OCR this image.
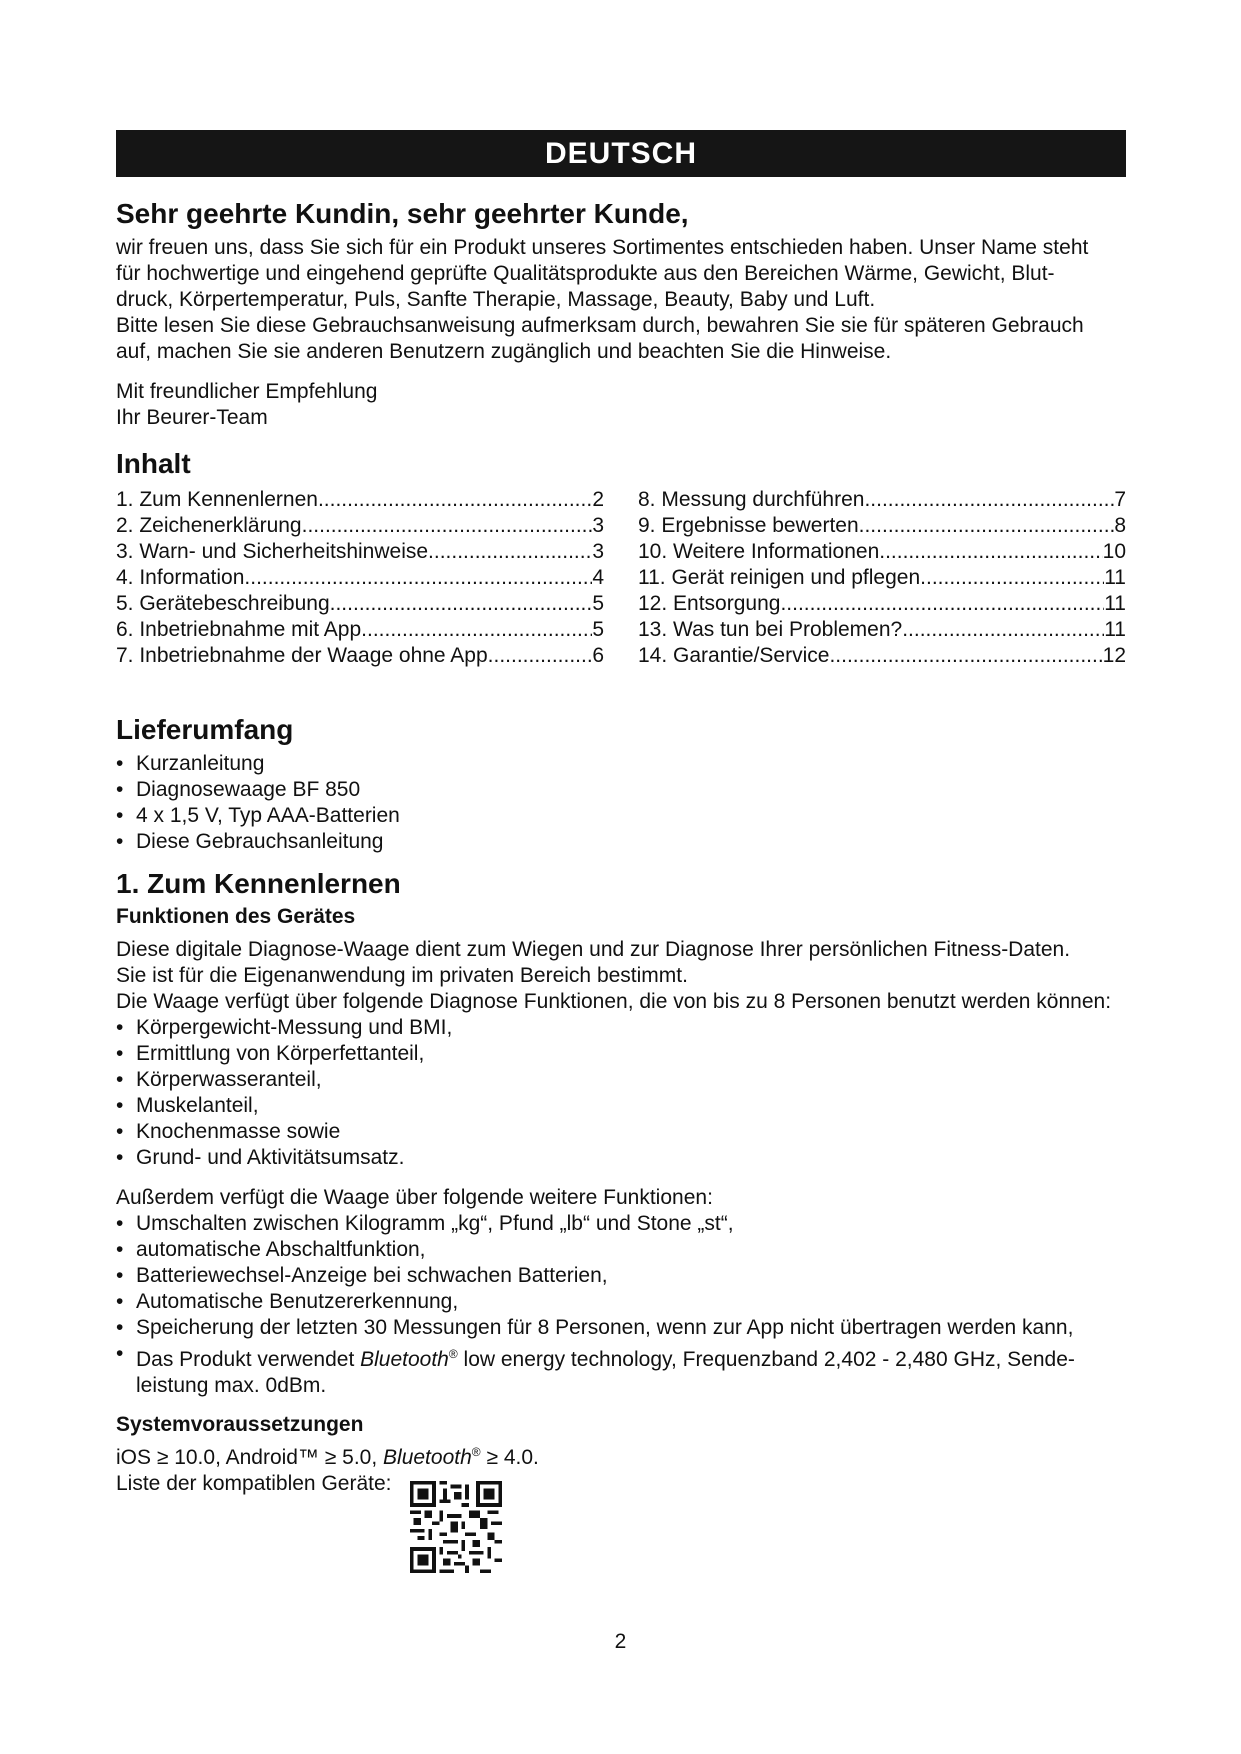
DEUTSCH
Sehr geehrte Kundin, sehr geehrter Kunde,

wir freuen uns, dass Sie sich für ein Produkt unseres Sortimentes entschieden haben. Unser Name steht

für hochwertige und eingehend geprüfte Qualitätsprodukte aus den Bereichen Wärme, Gewicht, Blut-

druck, Körpertemperatur, Puls, Sanfte Therapie, Massage, Beauty, Baby und Luft.

Bitte lesen Sie diese Gebrauchsanweisung aufmerksam durch, bewahren Sie sie für späteren Gebrauch

auf, machen Sie sie anderen Benutzern zugänglich und beachten Sie die Hinweise.

Mit freundlicher Empfehlung

Ihr Beurer-Team

Inhalt
1. Zum Kennenlernen .....	2
2. Zeichenerklärung .....	3
3. Warn- und Sicherheitshinweise .....	3
4. Information .....	4
5. Gerätebeschreibung .....	5
6. Inbetriebnahme mit App .....	5
7. Inbetriebnahme der Waage ohne App .....	6
8. Messung durchführen .....	7
9. Ergebnisse bewerten .....	8
10. Weitere Informationen .....	10
11. Gerät reinigen und pflegen .....	11
12. Entsorgung .....	11
13. Was tun bei Problemen? .....	11
14. Garantie/Service .....	12
Lieferumfang
• Kurzanleitung
• Diagnosewaage BF 850
• 4 x 1,5 V, Typ AAA-Batterien
• Diese Gebrauchsanleitung
1. Zum Kennenlernen
Funktionen des Gerätes

Diese digitale Diagnose-Waage dient zum Wiegen und zur Diagnose Ihrer persönlichen Fitness-Daten.

Sie ist für die Eigenanwendung im privaten Bereich bestimmt.

Die Waage verfügt über folgende Diagnose Funktionen, die von bis zu 8 Personen benutzt werden können:

• Körpergewicht-Messung und BMI,
• Ermittlung von Körperfettanteil,
• Körperwasseranteil,
• Muskelanteil,
• Knochenmasse sowie
• Grund- und Aktivitätsumsatz.

Außerdem verfügt die Waage über folgende weitere Funktionen:

• Umschalten zwischen Kilogramm „kg“, Pfund „lb“ und Stone „st“,
• automatische Abschaltfunktion,
• Batteriewechsel-Anzeige bei schwachen Batterien,
• Automatische Benutzererkennung,
• Speicherung der letzten 30 Messungen für 8 Personen, wenn zur App nicht übertragen werden kann,
• Das Produkt verwendet Bluetooth® low energy technology, Frequenzband 2,402 - 2,480 GHz, Sende-
leistung max. 0dBm.
Systemvoraussetzungen

iOS ≥ 10.0, Android™ ≥ 5.0, Bluetooth® ≥ 4.0.

Liste der kompatiblen Geräte:

2
